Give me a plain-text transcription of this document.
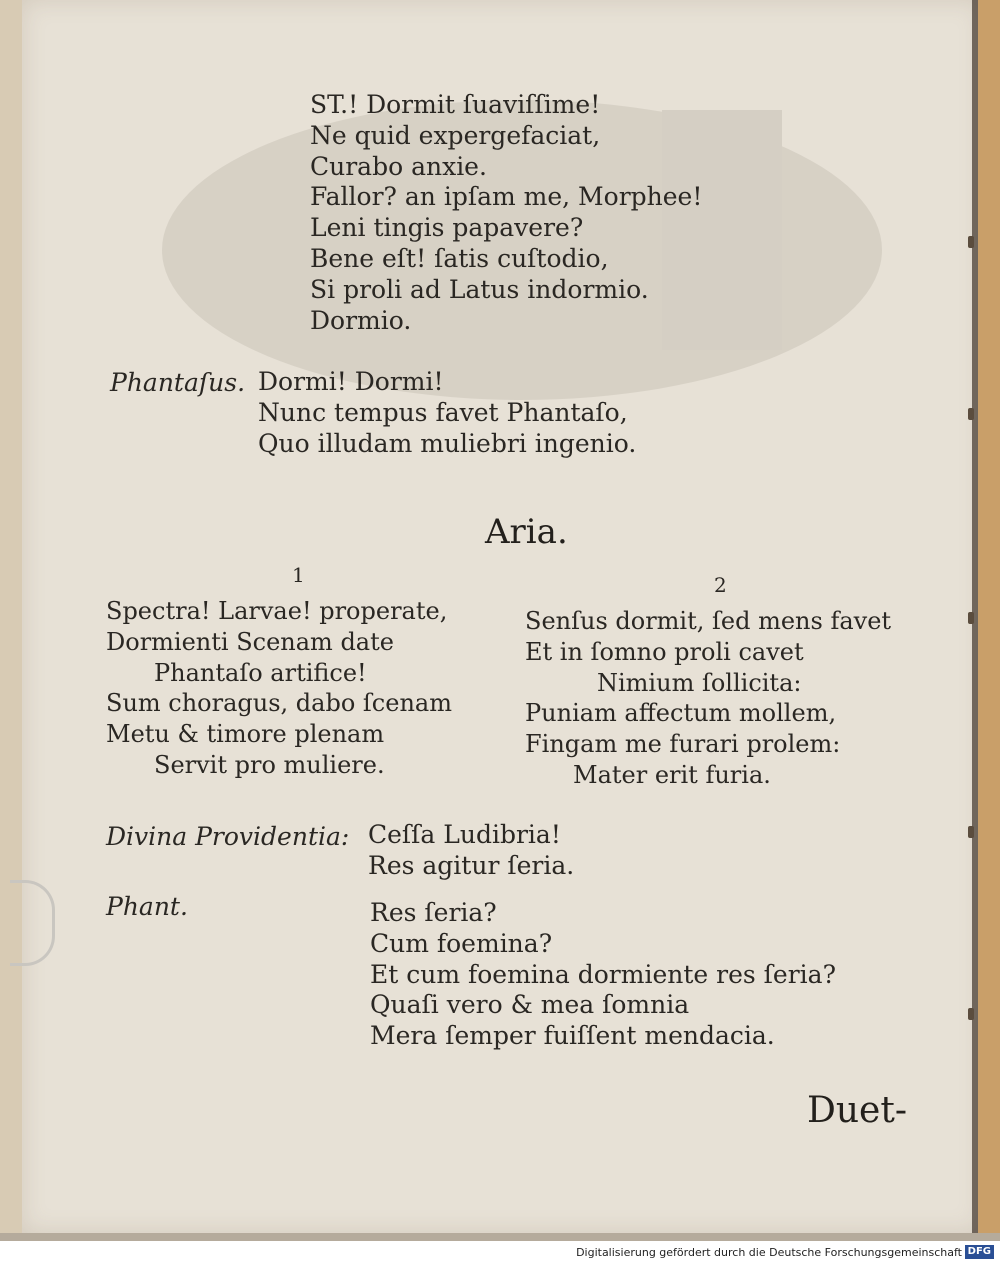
ST.! Dormit ſuaviſſime!
Ne quid expergefaciat,
Curabo anxie.
Fallor? an ipſam me, Morphee!
Leni tingis papavere?
Bene eſt! ſatis cuſtodio,
Si proli ad Latus indormio.
Dormio.
Phantaſus. Dormi! Dormi!
Nunc tempus favet Phantaſo,
Quo illudam muliebri ingenio.
Aria.
1	2
Spectra! Larvae! properate,
Dormienti Scenam date
Phantaſo artifice!
Sum choragus, dabo ſcenam
Metu & timore plenam
Servit pro muliere.
Senſus dormit, ſed mens favet
Et in ſomno proli cavet
Nimium ſollicita:
Puniam affectum mollem,
Fingam me furari prolem:
Mater erit furia.
Divina Providentia: Ceſſa Ludibria!
Res agitur ſeria.
Phant.	Res ſeria?
Cum foemina?
Et cum foemina dormiente res ſeria?
Quaſi vero & mea ſomnia
Mera ſemper fuiſſent mendacia.
Duet-
Digitalisierung gefördert durch die Deutsche Forschungsgemeinschaft DFG
